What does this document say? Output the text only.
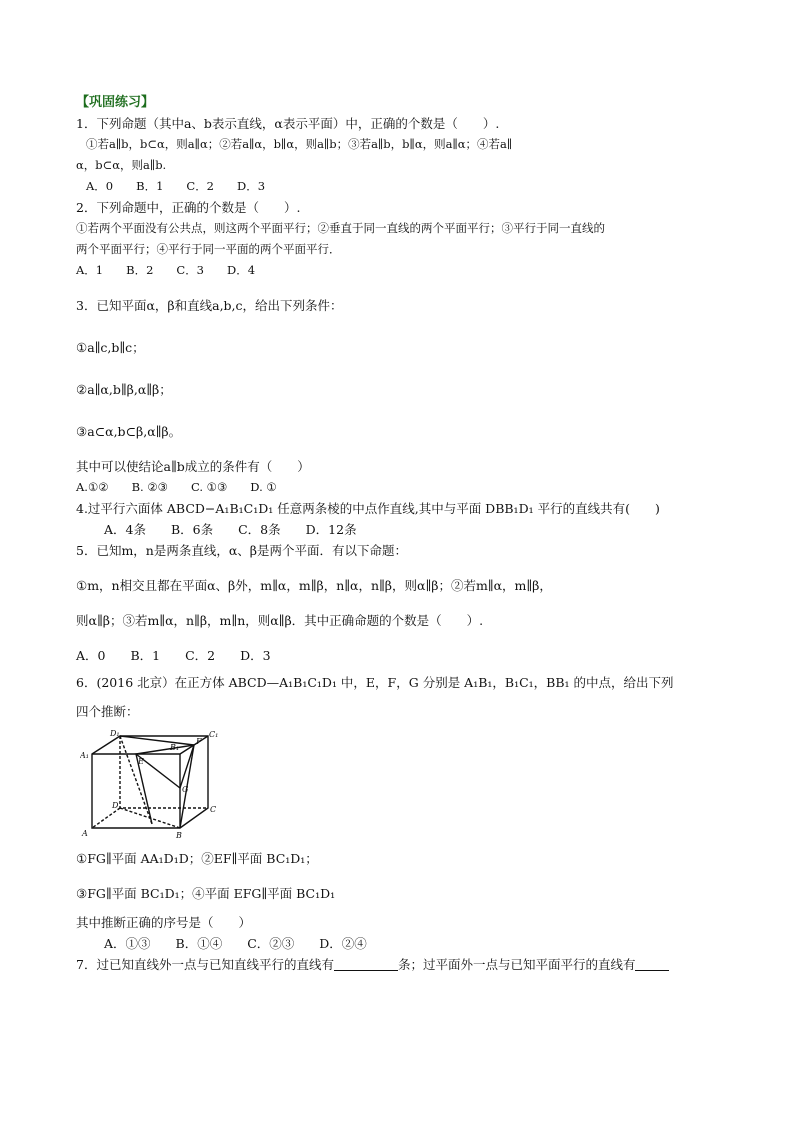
【巩固练习】
1．下列命题（其中a、b表示直线，α表示平面）中，正确的个数是（　　）.
①若a∥b，b⊂α，则a∥α；②若a∥α，b∥α，则a∥b；③若a∥b，b∥α，则a∥α；④若a∥
α，b⊂α，则a∥b.
A．0　　B．1　　C．2　　D．3
2．下列命题中，正确的个数是（　　）.
①若两个平面没有公共点，则这两个平面平行；②垂直于同一直线的两个平面平行；③平行于同一直线的
两个平面平行；④平行于同一平面的两个平面平行．
A．1　　B．2　　C．3　　D．4
3．已知平面α，β和直线a,b,c，给出下列条件：
①a∥c,b∥c；
②a∥α,b∥β,α∥β；
③a⊂α,b⊂β,α∥β。
其中可以使结论a∥b成立的条件有（　　）
A.①②　　B. ②③　　C. ①③　　D. ①
4.过平行六面体 ABCD−A₁B₁C₁D₁ 任意两条棱的中点作直线,其中与平面 DBB₁D₁ 平行的直线共有(　　)
A．4条　　B．6条　　C．8条　　D．12条
5．已知m，n是两条直线，α、β是两个平面．有以下命题：
①m，n相交且都在平面α、β外，m∥α，m∥β，n∥α，n∥β，则α∥β；②若m∥α，m∥β，
则α∥β；③若m∥α，n∥β，m∥n，则α∥β．其中正确命题的个数是（　　）.
A．0　　B．1　　C．2　　D．3
6．(2016 北京）在正方体 ABCD—A₁B₁C₁D₁ 中，E，F，G 分别是 A₁B₁，B₁C₁，BB₁ 的中点，给出下列
四个推断：
D₁	C₁
A₁
B₁
E
F
G
D	C
A	B
①FG∥平面 AA₁D₁D；②EF∥平面 BC₁D₁；
③FG∥平面 BC₁D₁；④平面 EFG∥平面 BC₁D₁
其中推断正确的序号是（　　）
A．①③　　B．①④　　C．②③　　D．②④
7．过已知直线外一点与已知直线平行的直线有	条；过平面外一点与已知平面平行的直线有
